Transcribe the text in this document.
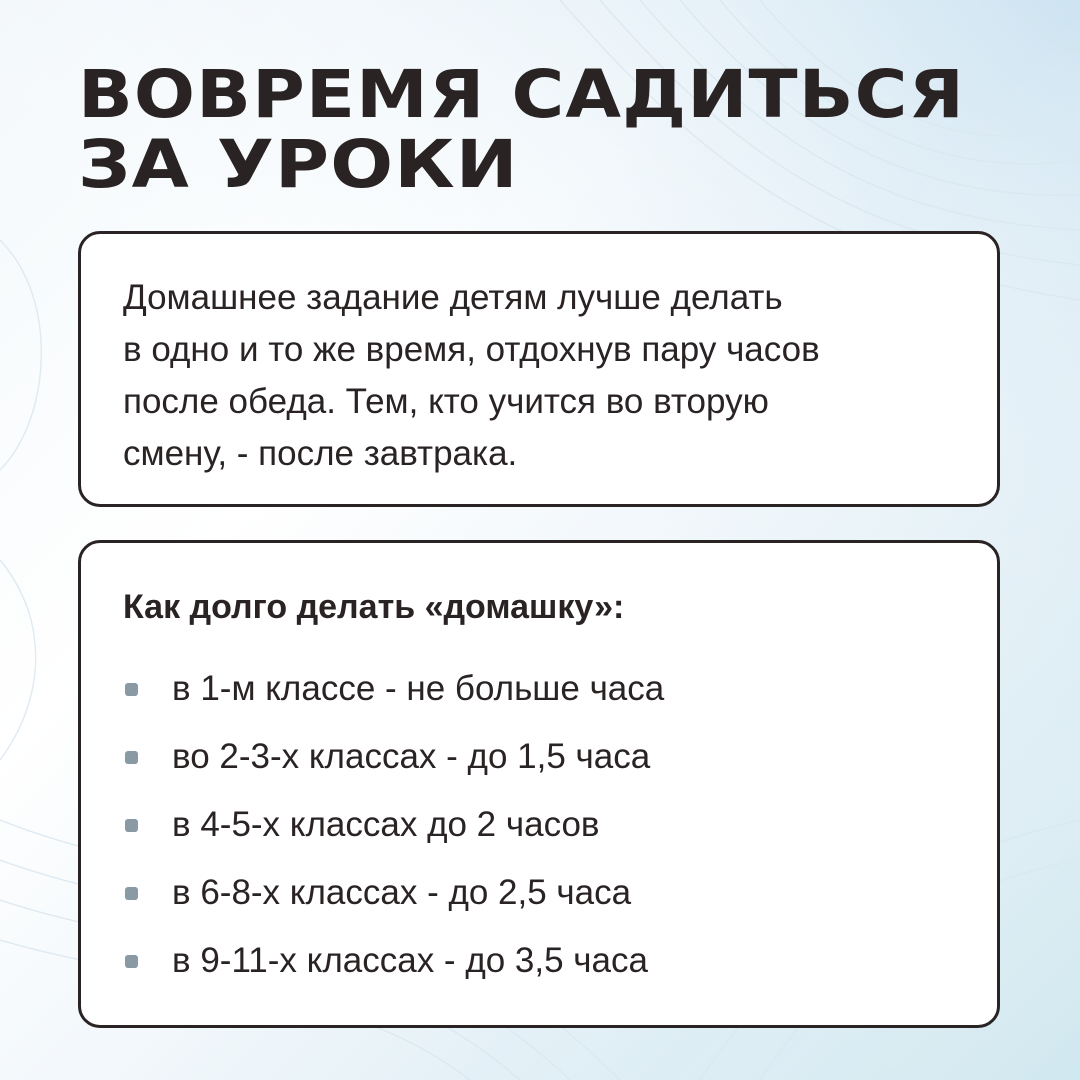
ВОВРЕМЯ САДИТЬСЯ
ЗА УРОКИ

Домашнее задание детям лучше делать
в одно и то же время, отдохнув пару часов
после обеда. Тем, кто учится во вторую
смену, - после завтрака.

Как долго делать «домашку»:

в 1-м классе - не больше часа
во 2-3-х классах - до 1,5 часа
в 4-5-х классах до 2 часов
в 6-8-х классах - до 2,5 часа
в 9-11-х классах - до 3,5 часа
